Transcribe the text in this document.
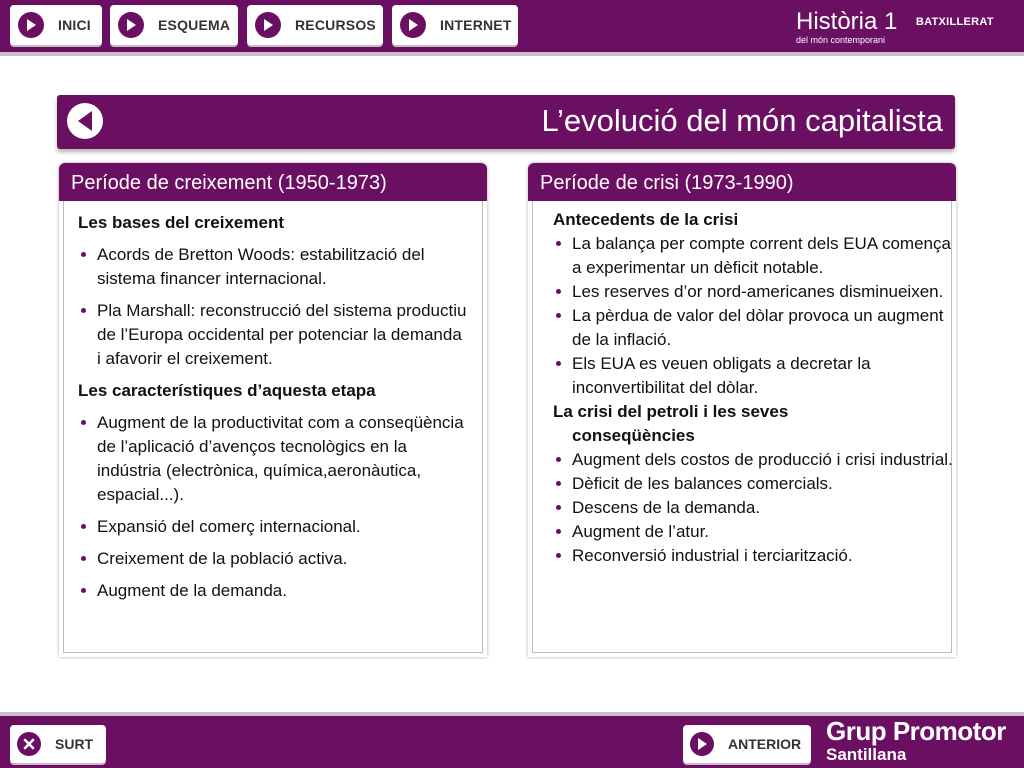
INICI	ESQUEMA	RECURSOS	INTERNET	Història 1 $^{BATXILLERAT}$
del món contemporani
L’evolució del món capitalista
Període de creixement (1950-1973)
Les bases del creixement
Acords de Bretton Woods: estabilització del sistema financer internacional.
Pla Marshall: reconstrucció del sistema productiu de l’Europa occidental per potenciar la demanda i afavorir el creixement.
Les característiques d’aquesta etapa
Augment de la productivitat com a conseqüència de l’aplicació d’avenços tecnològics en la indústria (electrònica, química,aeronàutica, espacial...).
Expansió del comerç internacional.
Creixement de la població activa.
Augment de la demanda.
Període de crisi (1973-1990)
Antecedents de la crisi
La balança per compte corrent dels EUA comença a experimentar un dèficit notable.
Les reserves d’or nord-americanes disminueixen.
La pèrdua de valor del dòlar provoca un augment de la inflació.
Els EUA es veuen obligats a decretar la inconvertibilitat del dòlar.
La crisi del petroli i les seves
conseqüències
Augment dels costos de producció i crisi industrial.
Dèficit de les balances comercials.
Descens de la demanda.
Augment de l’atur.
Reconversió industrial i terciarització.
SURT	ANTERIOR Grup Promotor
Santillana
